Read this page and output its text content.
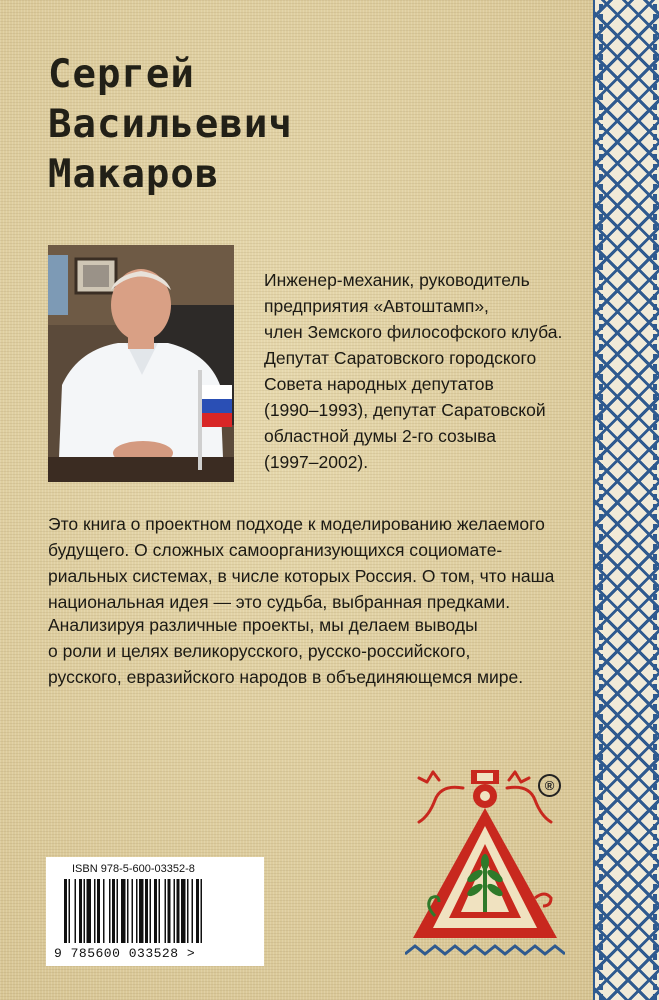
Сергей
Васильевич
Макаров
Инженер-механик, руководитель
предприятия «Автоштамп»,
член Земского философского клуба.
Депутат Саратовского городского
Совета народных депутатов
(1990–1993), депутат Саратовской
областной думы 2-го созыва
(1997–2002).
Это книга о проектном подходе к моделированию желаемого
будущего. О сложных самоорганизующихся социомате-
риальных системах, в числе которых Россия. О том, что наша
национальная идея — это судьба, выбранная предками.
Анализируя различные проекты, мы делаем выводы
о роли и целях великорусского, русско-российского,
русского, евразийского народов в объединяющемся мире.
ISBN 978-5-600-03352-8
9 785600 033528 >
®
